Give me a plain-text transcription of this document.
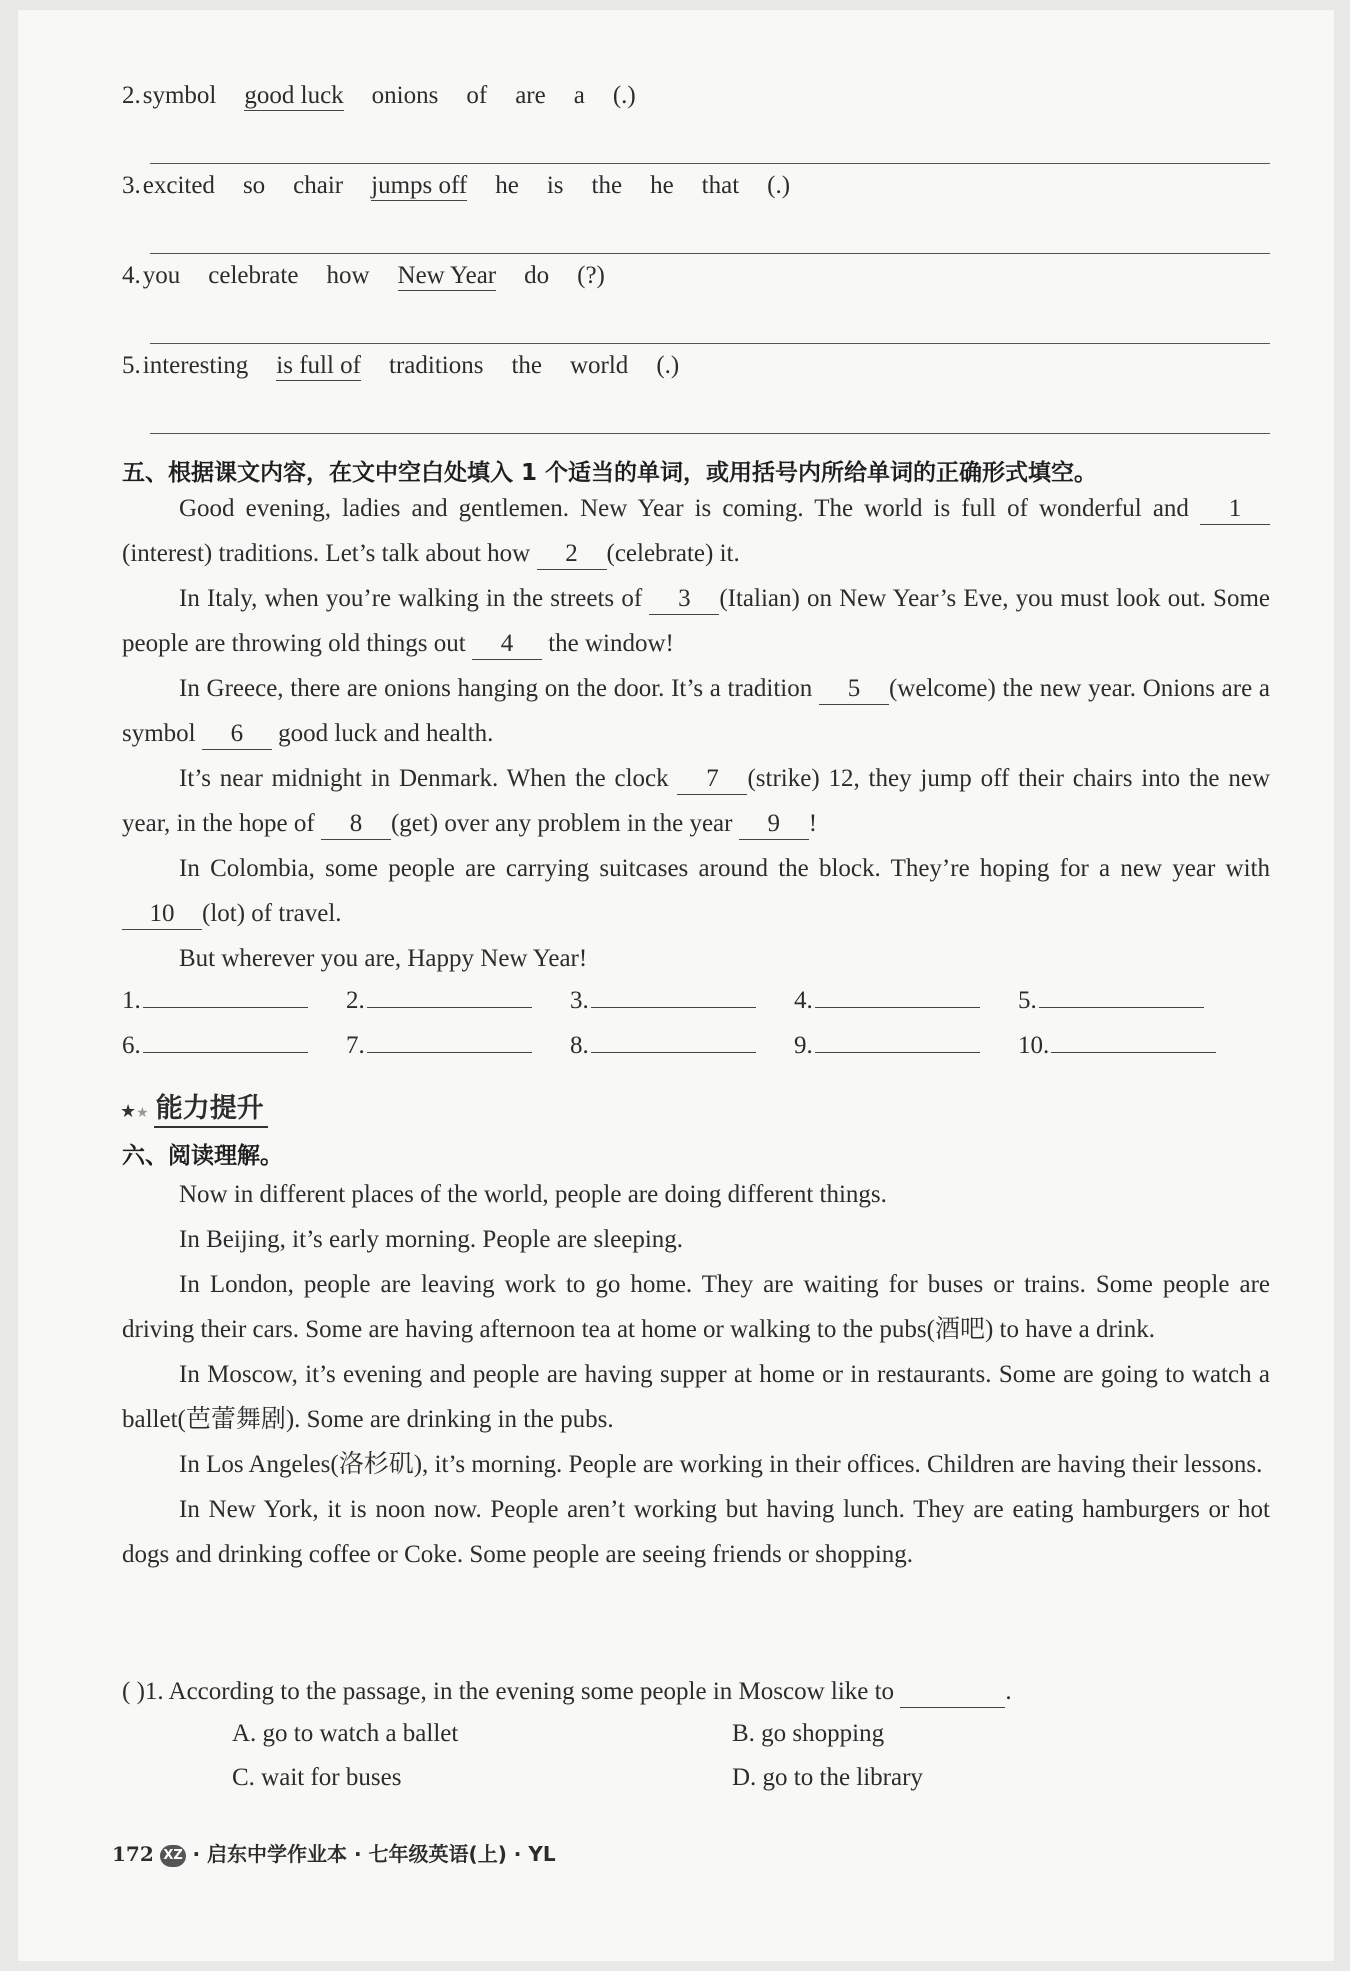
2.symbol good luck onions of are a (.)
3.excited so chair jumps off he is the he that (.)
4.you celebrate how New Year do (?)
5.interesting is full of traditions the world (.)
五、根据课文内容，在文中空白处填入 1 个适当的单词，或用括号内所给单词的正确形式填空。

Good evening, ladies and gentlemen. New Year is coming. The world is full of wonderful and 1(interest) traditions. Let’s talk about how 2 (celebrate) it.

In Italy, when you’re walking in the streets of 3 (Italian) on New Year’s Eve, you must look out. Some people are throwing old things out 4 the window!

In Greece, there are onions hanging on the door. It’s a tradition 5 (welcome) the new year. Onions are a symbol 6 good luck and health.

It’s near midnight in Denmark. When the clock 7 (strike) 12, they jump off their chairs into the new year, in the hope of 8 (get) over any problem in the year 9 !

In Colombia, some people are carrying suitcases around the block. They’re hoping for a new year with 10 (lot) of travel.

But wherever you are, Happy New Year!

1.	2.	3.	4.	5.
6.	7.	8.	9.	10.
★★ 能力提升
六、阅读理解。

Now in different places of the world, people are doing different things.

In Beijing, it’s early morning. People are sleeping.

In London, people are leaving work to go home. They are waiting for buses or trains. Some people are driving their cars. Some are having afternoon tea at home or walking to the pubs(酒吧) to have a drink.

In Moscow, it’s evening and people are having supper at home or in restaurants. Some are going to watch a ballet(芭蕾舞剧). Some are drinking in the pubs.

In Los Angeles(洛杉矶), it’s morning. People are working in their offices. Children are having their lessons.

In New York, it is noon now. People aren’t working but having lunch. They are eating hamburgers or hot dogs and drinking coffee or Coke. Some people are seeing friends or shopping.

( )1. According to the passage, in the evening some people in Moscow like to	.
A. go to watch a ballet	B. go shopping
C. wait for buses	D. go to the library
172 XZ · 启东中学作业本 · 七年级英语(上) · YL
